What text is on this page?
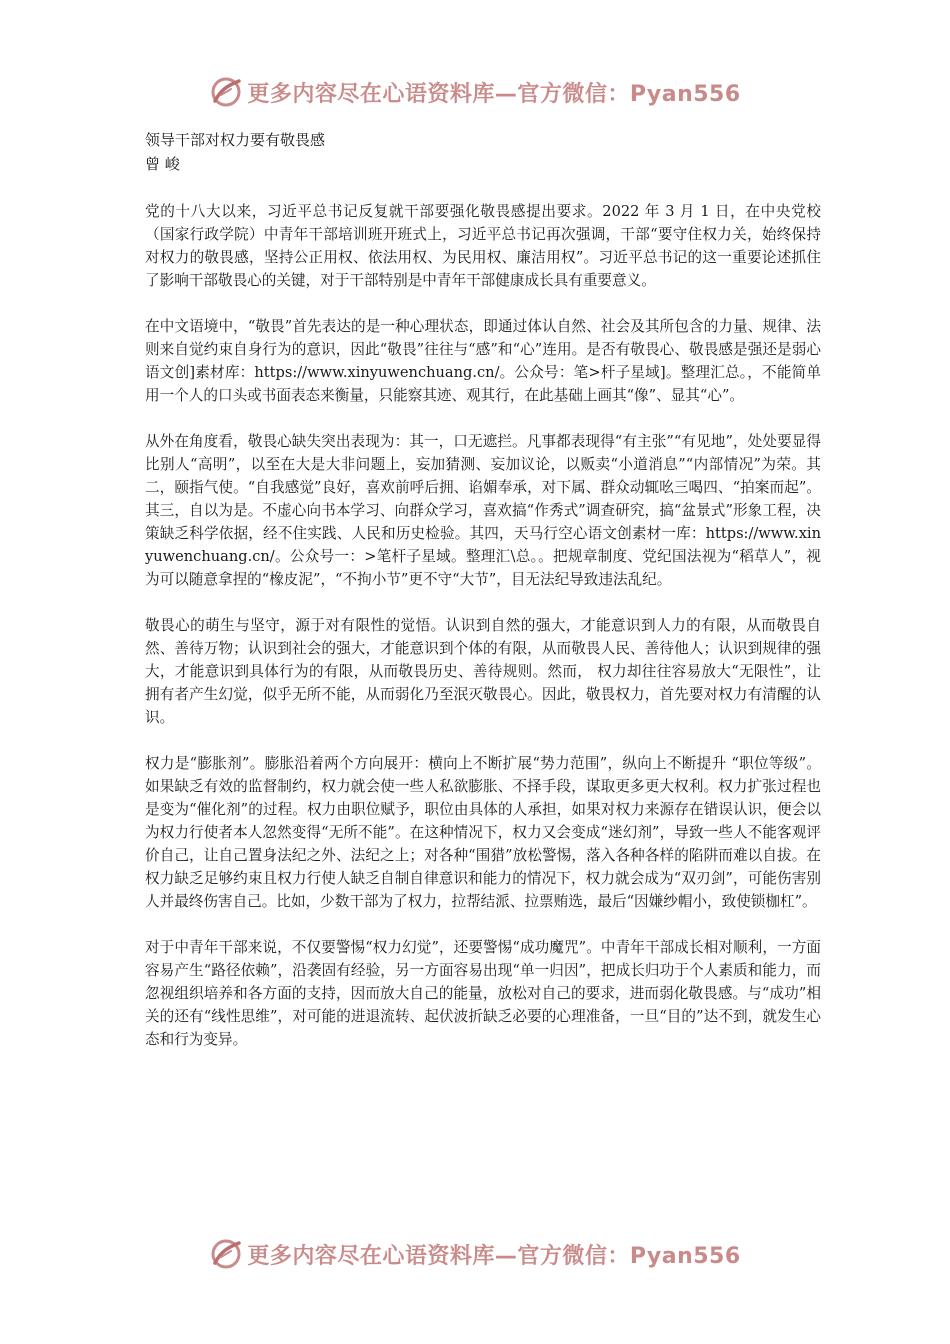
更多内容尽在心语资料库—官方微信：Pyan556

领导干部对权力要有敬畏感

曾 峻

党的十八大以来，习近平总书记反复就干部要强化敬畏感提出要求。2022 年 3 月 1 日，在中央党校（国家行政学院）中青年干部培训班开班式上，习近平总书记再次强调，干部“要守住权力关，始终保持对权力的敬畏感，坚持公正用权、依法用权、为民用权、廉洁用权”。习近平总书记的这一重要论述抓住了影响干部敬畏心的关键，对于干部特别是中青年干部健康成长具有重要意义。

在中文语境中，“敬畏”首先表达的是一种心理状态，即通过体认自然、社会及其所包含的力量、规律、法则来自觉约束自身行为的意识，因此“敬畏”往往与“感”和“心”连用。是否有敬畏心、敬畏感是强还是弱心语文创]素材库：https://www.xinyuwenchuang.cn/。公众号：笔>杆子星域]。整理汇总。，不能简单用一个人的口头或书面表态来衡量，只能察其迹、观其行，在此基础上画其“像”、显其“心”。

从外在角度看，敬畏心缺失突出表现为：其一，口无遮拦。凡事都表现得“有主张”“有见地”，处处要显得比别人“高明”，以至在大是大非问题上，妄加猜测、妄加议论，以贩卖“小道消息”“内部情况”为荣。其二，颐指气使。“自我感觉”良好，喜欢前呼后拥、谄媚奉承，对下属、群众动辄吆三喝四、“拍案而起”。其三，自以为是。不虚心向书本学习、向群众学习，喜欢搞“作秀式”调查研究，搞“盆景式”形象工程，决策缺乏科学依据，经不住实践、人民和历史检验。其四，天马行空心语文创素材一库：https://www.xinyuwenchuang.cn/。公众号一：>笔杆子星域。整理汇\总。。把规章制度、党纪国法视为“稻草人”，视为可以随意拿捏的“橡皮泥”，“不拘小节”更不守“大节”，目无法纪导致违法乱纪。

敬畏心的萌生与坚守，源于对有限性的觉悟。认识到自然的强大，才能意识到人力的有限，从而敬畏自然、善待万物；认识到社会的强大，才能意识到个体的有限，从而敬畏人民、善待他人；认识到规律的强大，才能意识到具体行为的有限，从而敬畏历史、善待规则。然而， 权力却往往容易放大“无限性”，让拥有者产生幻觉，似乎无所不能，从而弱化乃至泯灭敬畏心。因此，敬畏权力，首先要对权力有清醒的认识。

权力是“膨胀剂”。膨胀沿着两个方向展开：横向上不断扩展“势力范围”，纵向上不断提升 “职位等级”。如果缺乏有效的监督制约，权力就会使一些人私欲膨胀、不择手段，谋取更多更大权利。权力扩张过程也是变为“催化剂”的过程。权力由职位赋予，职位由具体的人承担，如果对权力来源存在错误认识，便会以为权力行使者本人忽然变得“无所不能”。在这种情况下，权力又会变成“迷幻剂”，导致一些人不能客观评价自己，让自己置身法纪之外、法纪之上；对各种“围猎”放松警惕，落入各种各样的陷阱而难以自拔。在权力缺乏足够约束且权力行使人缺乏自制自律意识和能力的情况下，权力就会成为“双刃剑”，可能伤害别人并最终伤害自己。比如，少数干部为了权力，拉帮结派、拉票贿选，最后“因嫌纱帽小，致使锁枷杠”。

对于中青年干部来说，不仅要警惕“权力幻觉”，还要警惕“成功魔咒”。中青年干部成长相对顺利，一方面容易产生“路径依赖”，沿袭固有经验，另一方面容易出现“单一归因”，把成长归功于个人素质和能力，而忽视组织培养和各方面的支持，因而放大自己的能量，放松对自己的要求，进而弱化敬畏感。与“成功”相关的还有“线性思维”，对可能的进退流转、起伏波折缺乏必要的心理准备，一旦“目的”达不到，就发生心态和行为变异。

更多内容尽在心语资料库—官方微信：Pyan556
